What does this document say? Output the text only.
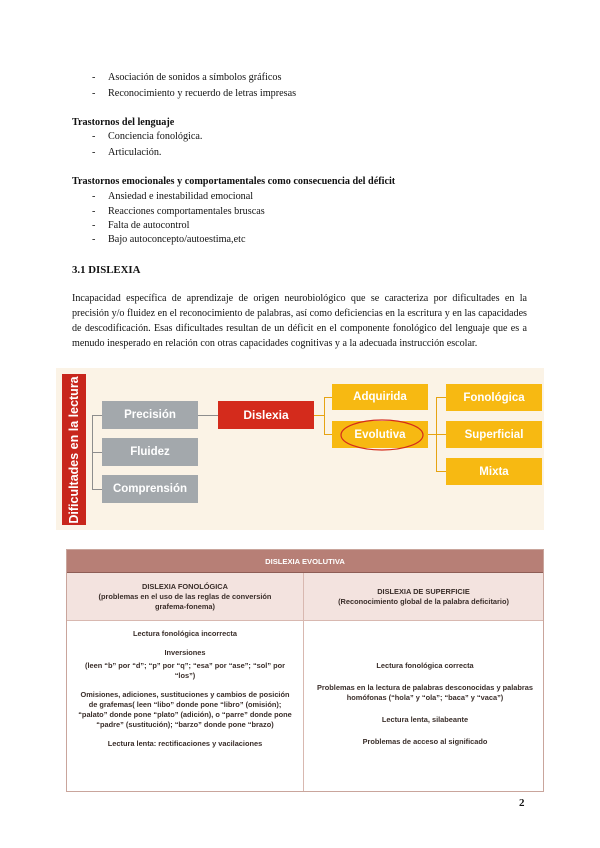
- Asociación de sonidos a símbolos gráficos
- Reconocimiento y recuerdo de letras impresas
Trastornos del lenguaje
- Conciencia fonológica.
- Articulación.
Trastornos emocionales y comportamentales como consecuencia del déficit
- Ansiedad e inestabilidad emocional
- Reacciones comportamentales bruscas
- Falta de autocontrol
- Bajo autoconcepto/autoestima,etc
3.1 DISLEXIA
Incapacidad específica de aprendizaje de origen neurobiológico que se caracteriza por dificultades en la precisión y/o fluidez en el reconocimiento de palabras, así como deficiencias en la escritura y en las capacidades de descodificación. Esas dificultades resultan de un déficit en el componente fonológico del lenguaje que es a menudo inesperado en relación con otras capacidades cognitivas y a la adecuada instrucción escolar.
Dificultades en la lectura	Precisión
Fluidez
Comprensión
Dislexia
Adquirida
Evolutiva
Fonológica
Superficial
Mixta
DISLEXIA EVOLUTIVA
DISLEXIA FONOLÓGICA
(problemas en el uso de las reglas de conversión
grafema-fonema)
DISLEXIA DE SUPERFICIE
(Reconocimiento global de la palabra deficitario)

Lectura fonológica incorrecta

Inversiones

(leen “b” por “d”; “p” por “q”; “esa” por “ase”; “sol” por “los”)

Omisiones, adiciones, sustituciones y cambios de posición de grafemas( leen “libo” donde pone “libro” (omisión); “palato” donde pone “plato” (adición), o “parre” donde pone “padre” (sustitución); “barzo” donde pone “brazo)

Lectura lenta: rectificaciones y vacilaciones

Lectura fonológica correcta

Problemas en la lectura de palabras desconocidas y palabras homófonas (“hola” y “ola”; “baca” y “vaca”)

Lectura lenta, silabeante

Problemas de acceso al significado

2
